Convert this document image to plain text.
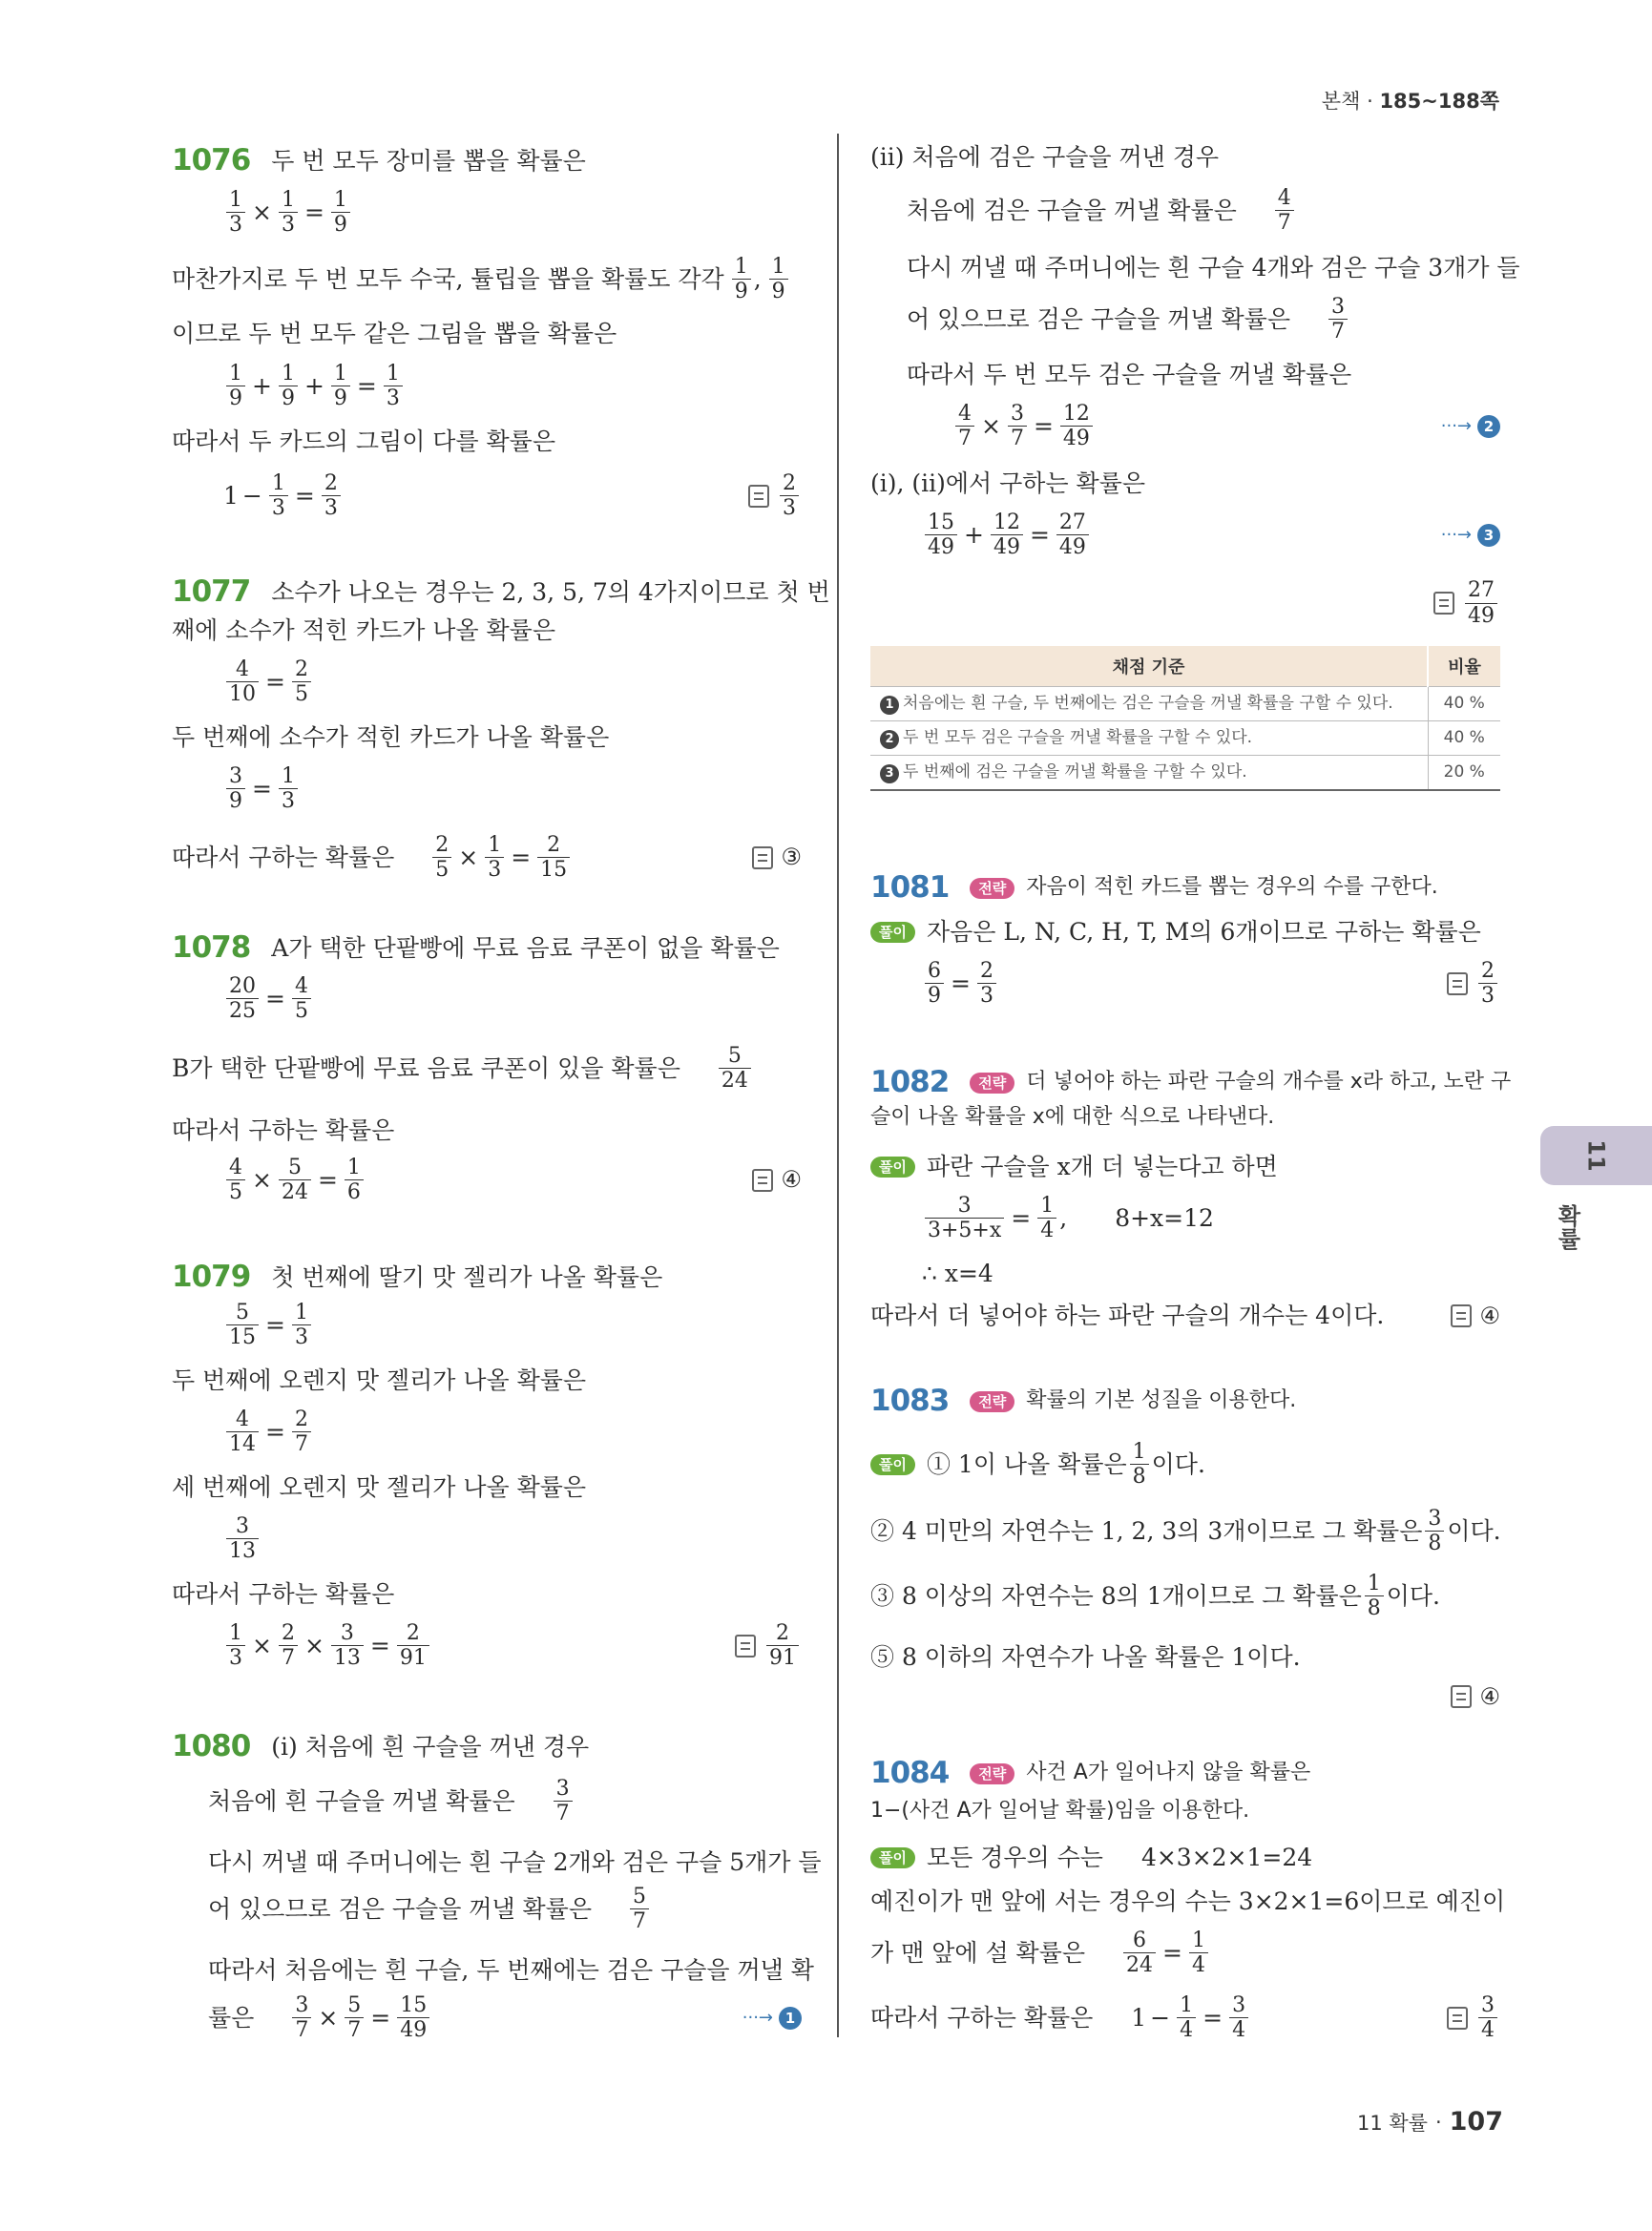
본책 · 185~188쪽
1076 두 번 모두 장미를 뽑을 확률은
$\frac{1}{3} \times \frac{1}{3} = \frac{1}{9}$
마찬가지로 두 번 모두 수국, 튤립을 뽑을 확률도 각각 $\frac{1}{9}$ , $\frac{1}{9}$
이므로 두 번 모두 같은 그림을 뽑을 확률은
$\frac{1}{9} + \frac{1}{9} + \frac{1}{9} = \frac{1}{3}$
따라서 두 카드의 그림이 다를 확률은
$1 - \frac{1}{3} = \frac{2}{3}$	$\frac{2}{3}$
1077 소수가 나오는 경우는 2, 3, 5, 7의 4가지이므로 첫 번
째에 소수가 적힌 카드가 나올 확률은
$\frac{4}{10} = \frac{2}{5}$
두 번째에 소수가 적힌 카드가 나올 확률은
$\frac{3}{9} = \frac{1}{3}$
따라서 구하는 확률은 $\frac{2}{5} \times \frac{1}{3} = \frac{2}{15}$	③
1078 A가 택한 단팥빵에 무료 음료 쿠폰이 없을 확률은
$\frac{20}{25} = \frac{4}{5}$
B가 택한 단팥빵에 무료 음료 쿠폰이 있을 확률은 $\frac{5}{24}$
따라서 구하는 확률은
$\frac{4}{5} \times \frac{5}{24} = \frac{1}{6}$	④
1079 첫 번째에 딸기 맛 젤리가 나올 확률은
$\frac{5}{15} = \frac{1}{3}$
두 번째에 오렌지 맛 젤리가 나올 확률은
$\frac{4}{14} = \frac{2}{7}$
세 번째에 오렌지 맛 젤리가 나올 확률은
$\frac{3}{13}$
따라서 구하는 확률은
$\frac{1}{3} \times \frac{2}{7} \times \frac{3}{13} = \frac{2}{91}$	$\frac{2}{91}$
1080 (ⅰ) 처음에 흰 구슬을 꺼낸 경우
처음에 흰 구슬을 꺼낼 확률은 $\frac{3}{7}$
다시 꺼낼 때 주머니에는 흰 구슬 2개와 검은 구슬 5개가 들
어 있으므로 검은 구슬을 꺼낼 확률은 $\frac{5}{7}$
따라서 처음에는 흰 구슬, 두 번째에는 검은 구슬을 꺼낼 확
률은 $\frac{3}{7} \times \frac{5}{7} = \frac{15}{49}$	···→ 1
(ⅱ) 처음에 검은 구슬을 꺼낸 경우
처음에 검은 구슬을 꺼낼 확률은 $\frac{4}{7}$
다시 꺼낼 때 주머니에는 흰 구슬 4개와 검은 구슬 3개가 들
어 있으므로 검은 구슬을 꺼낼 확률은 $\frac{3}{7}$
따라서 두 번 모두 검은 구슬을 꺼낼 확률은
$\frac{4}{7} \times \frac{3}{7} = \frac{12}{49}$	···→ 2
(ⅰ), (ⅱ)에서 구하는 확률은
$\frac{15}{49} + \frac{12}{49} = \frac{27}{49}$	···→ 3
$\frac{27}{49}$
채점 기준	비율
1 처음에는 흰 구슬, 두 번째에는 검은 구슬을 꺼낼 확률을 구할 수 있다.	40 %
2 두 번 모두 검은 구슬을 꺼낼 확률을 구할 수 있다.	40 %
3 두 번째에 검은 구슬을 꺼낼 확률을 구할 수 있다.	20 %
1081	전략 자음이 적힌 카드를 뽑는 경우의 수를 구한다.
풀이 자음은 L, N, C, H, T, M의 6개이므로 구하는 확률은
$\frac{6}{9} = \frac{2}{3}$	$\frac{2}{3}$
1082	전략 더 넣어야 하는 파란 구슬의 개수를 x라 하고, 노란 구
슬이 나올 확률을 x에 대한 식으로 나타낸다.
풀이 파란 구슬을 x개 더 넣는다고 하면
$\frac{3}{3+5+x} = \frac{1}{4}$ , 8+x=12
∴ x=4
따라서 더 넣어야 하는 파란 구슬의 개수는 4이다.	④
1083	전략 확률의 기본 성질을 이용한다.
풀이 ① 1이 나올 확률은 $\frac{1}{8}$ 이다.
② 4 미만의 자연수는 1, 2, 3의 3개이므로 그 확률은 $\frac{3}{8}$ 이다.
③ 8 이상의 자연수는 8의 1개이므로 그 확률은 $\frac{1}{8}$ 이다.
⑤ 8 이하의 자연수가 나올 확률은 1이다.
④
1084	전략 사건 A가 일어나지 않을 확률은
1−(사건 A가 일어날 확률)임을 이용한다.
풀이 모든 경우의 수는 4×3×2×1=24
예진이가 맨 앞에 서는 경우의 수는 3×2×1=6이므로 예진이
가 맨 앞에 설 확률은 $\frac{6}{24} = \frac{1}{4}$
따라서 구하는 확률은 $1 - \frac{1}{4} = \frac{3}{4}$	$\frac{3}{4}$
11
확률
11 확률 · 107
